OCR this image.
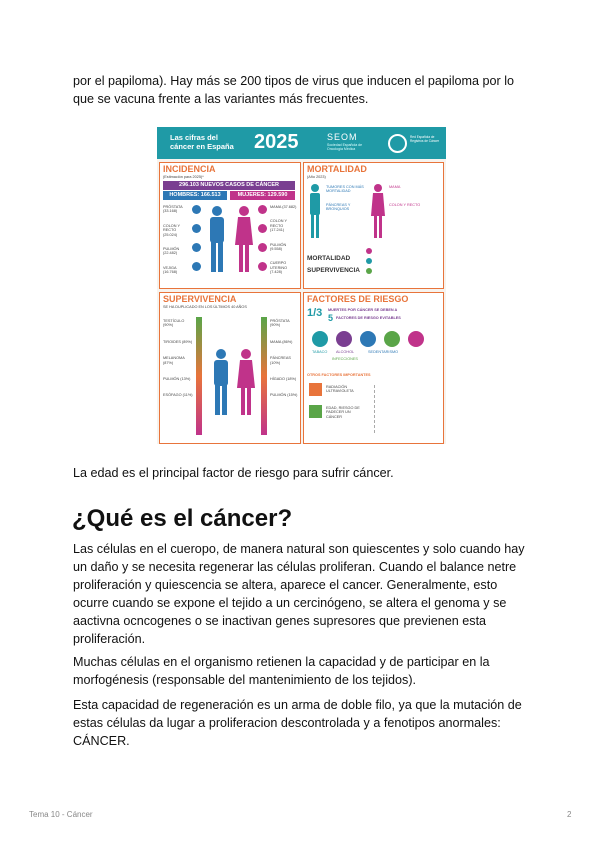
por el papiloma). Hay más se 200 tipos de virus que inducen el papiloma por lo que se vacuna frente a las variantes más frecuentes.

Las cifras del cáncer en España	2025	SEOM
Sociedad Española de Oncología Médica
Red Española de Registros de Cáncer
INCIDENCIA
(Estimación para 2025)*
296.103 NUEVOS CASOS DE CÁNCER
HOMBRES: 166.513	MUJERES: 129.590
PRÓSTATA (33.168)
COLON Y RECTO (25.024)
PULMÓN (22.482)
VEJIGA (16.768)
MAMA (37.682)
COLON Y RECTO (17.241)
PULMÓN (9.558)
CUERPO UTERINO (7.428)
MORTALIDAD
(Año 2023)
TUMORES CON MÁS MORTALIDAD
PÁNCREAS Y BRONQUIOS
MAMA
COLON Y RECTO
MORTALIDAD
SUPERVIVENCIA
SUPERVIVENCIA
SE HA DUPLICADO EN LOS ÚLTIMOS 40 AÑOS
TESTÍCULO (90%)
TIROIDES (89%)
MELANOMA (87%)
PULMÓN (13%)
ESÓFAGO (11%)
PRÓSTATA (90%)
MAMA (86%)
PÁNCREAS (10%)
HÍGADO (18%)
PULMÓN (15%)
FACTORES DE RIESGO
1/3 MUERTES POR CÁNCER SE DEBEN A
5 FACTORES DE RIESGO EVITABLES
TABACO ALCOHOL	SEDENTARISMO
INFECCIONES
OTROS FACTORES IMPORTANTES
RADIACIÓN ULTRAVIOLETA
EDAD, RIESGO DE PADECER UN CÁNCER

La edad es el principal factor de riesgo para sufrir cáncer.

¿Qué es el cáncer?

Las células en el cueropo, de manera natural son quiescentes y solo cuando hay un daño y se necesita regenerar las células proliferan. Cuando el balance netre proliferación y quiescencia se altera, aparece el cancer. Generalmente, esto ocurre cuando se expone el tejido a un cercinógeno, se altera el genoma y se aactivna ocncogenes o se inactivan genes supresores que previenen esta proliferación.

Muchas células en el organismo retienen la capacidad y de participar en la morfogénesis (responsable del mantenimiento de los tejidos).

Esta capacidad de regeneración es un arma de doble filo, ya que la mutación de estas células da lugar a proliferacion descontrolada y a fenotipos anormales: CÁNCER.

Tema 10 - Cáncer	2
